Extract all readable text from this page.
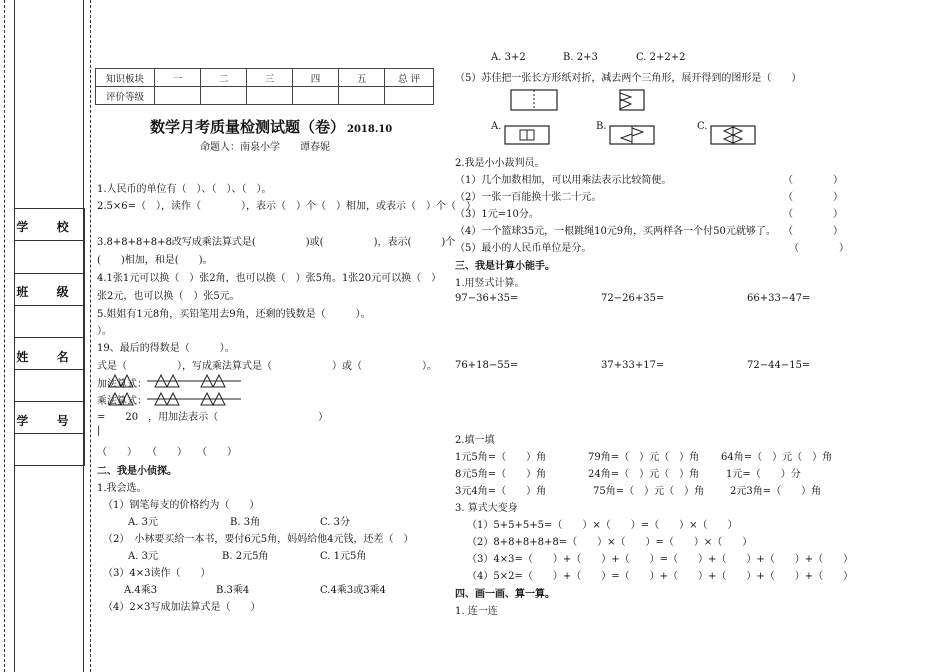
学 校
班 级
姓 名
学 号
知识板块	一	二	三	四	五	总 评
评价等级						
数学月考质量检测试题（卷） 2018.10
命题人：南泉小学　　谭春妮
1.人民币的单位有（　）、（　）、（　）。
2.5×6=（　），读作（　　　　），表示（　）个（　）相加，或表示（　）个（　）
3.8+8+8+8+8改写成乘法算式是(　　　　　)或(　　　　　)，表示(　　　)个
(　　)相加，和是(　　)。
4.1张1元可以换（　）张2角，也可以换（　）张5角。1张20元可以换（　）
张2元，也可以换（　）张5元。
5.姐姐有1元8角，买铅笔用去9角，还剩的钱数是（　　　）。
）。
19、最后的得数是（　　　）。
式是（　　　　　），写成乘法算式是（　　　　　　）或（　　　　　　）。
加法算式：
乘法算式：
=　　20　，用加法表示（　　　　　　　　　　）
|
（　　）　　（　　）　　（　　）
二、我是小侦探。
1.我会选。
（1）钢笔每支的价格约为（　　）
A. 3元	B. 3角	C. 3分
（2）　小林要买给一本书，要付6元5角，妈妈给他4元钱，还差（　）
A. 3元	B. 2元5角	C. 1元5角
（3）4×3读作（　　）
A.4乘3	B.3乘4	C.4乘3或3乘4
（4）2×3写成加法算式是（　　）
A. 3+2	B. 2+3	C. 2+2+2
（5）苏佳把一张长方形纸对折，减去两个三角形，展开得到的图形是（　　）
A.	B.	C.
2.我是小小裁判员。
（1）几个加数相加，可以用乘法表示比较简便。	（　　　　）
（2）一张一百能换十张二十元。	（　　　　）
（3）1元=10分。	（　　　　）
（4）一个篮球35元，一根跳绳10元9角，买两样各一个付50元就够了。 （　　　　）
（5）最小的人民币单位是分。	（　　　　）
三、我是计算小能手。
1.用竖式计算。
97−36+35=	72−26+35=	66+33−47=
76+18−55=	37+33+17=	72−44−15=
2.填一填
1元5角=（　　）角	79角=（　）元（　）角 64角=（　）元（　）角
8元5角=（　　）角	24角=（　）元（　）角	1元=（　　）分
3元4角=（　　）角	75角=（　）元（　）角	2元3角=（　　）角
3. 算式大变身
（1）5+5+5+5=（　　）×（　　）=（　　）×（　　）
（2）8+8+8+8+8=（　　）×（　　）=（　　）×（　　）
（3）4×3=（　　）+（　　）+（　　）=（　　）+（　　）+（　　）+（　　）
（4）5×2=（　　）+（　　）=（　　）+（　　）+（　　）+（　　）+（　　）
四、画一画、算一算。
1. 连一连
